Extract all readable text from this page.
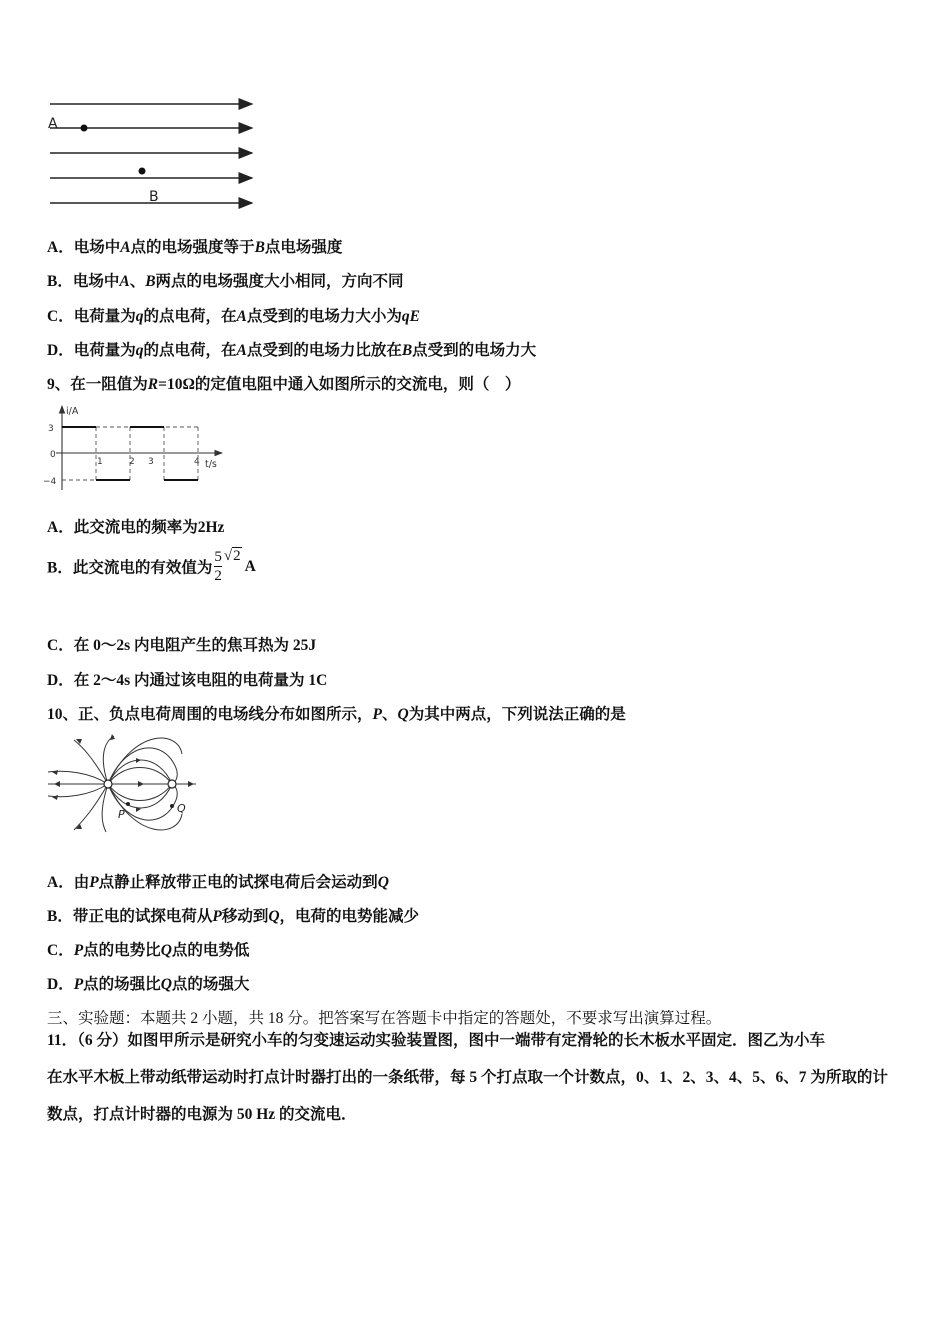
A
B
A．电场中A点的电场强度等于B点电场强度
B．电场中A、B两点的电场强度大小相同，方向不同
C．电荷量为q的点电荷，在A点受到的电场力大小为qE
D．电荷量为q的点电荷，在A点受到的电场力比放在B点受到的电场力大
9、在一阻值为R=10Ω的定值电阻中通入如图所示的交流电，则（　）
i/A
t/s
3
0
−4
1	2 3	4
A．此交流电的频率为2Hz
B．此交流电的有效值为 $\frac{5}{2} √2A$
C．在 0～2s 内电阻产生的焦耳热为 25J
D．在 2～4s 内通过该电阻的电荷量为 1C
10、正、负点电荷周围的电场线分布如图所示，P、Q为其中两点，下列说法正确的是
P	Q
A．由P点静止释放带正电的试探电荷后会运动到Q
B．带正电的试探电荷从P移动到Q，电荷的电势能减少
C．P点的电势比Q点的电势低
D．P点的场强比Q点的场强大
三、实验题：本题共 2 小题，共 18 分。把答案写在答题卡中指定的答题处，不要求写出演算过程。
11．（6 分）如图甲所示是研究小车的匀变速运动实验装置图，图中一端带有定滑轮的长木板水平固定．图乙为小车
在水平木板上带动纸带运动时打点计时器打出的一条纸带，每 5 个打点取一个计数点，0、1、2、3、4、5、6、7 为所取的计
数点，打点计时器的电源为 50 Hz 的交流电．
